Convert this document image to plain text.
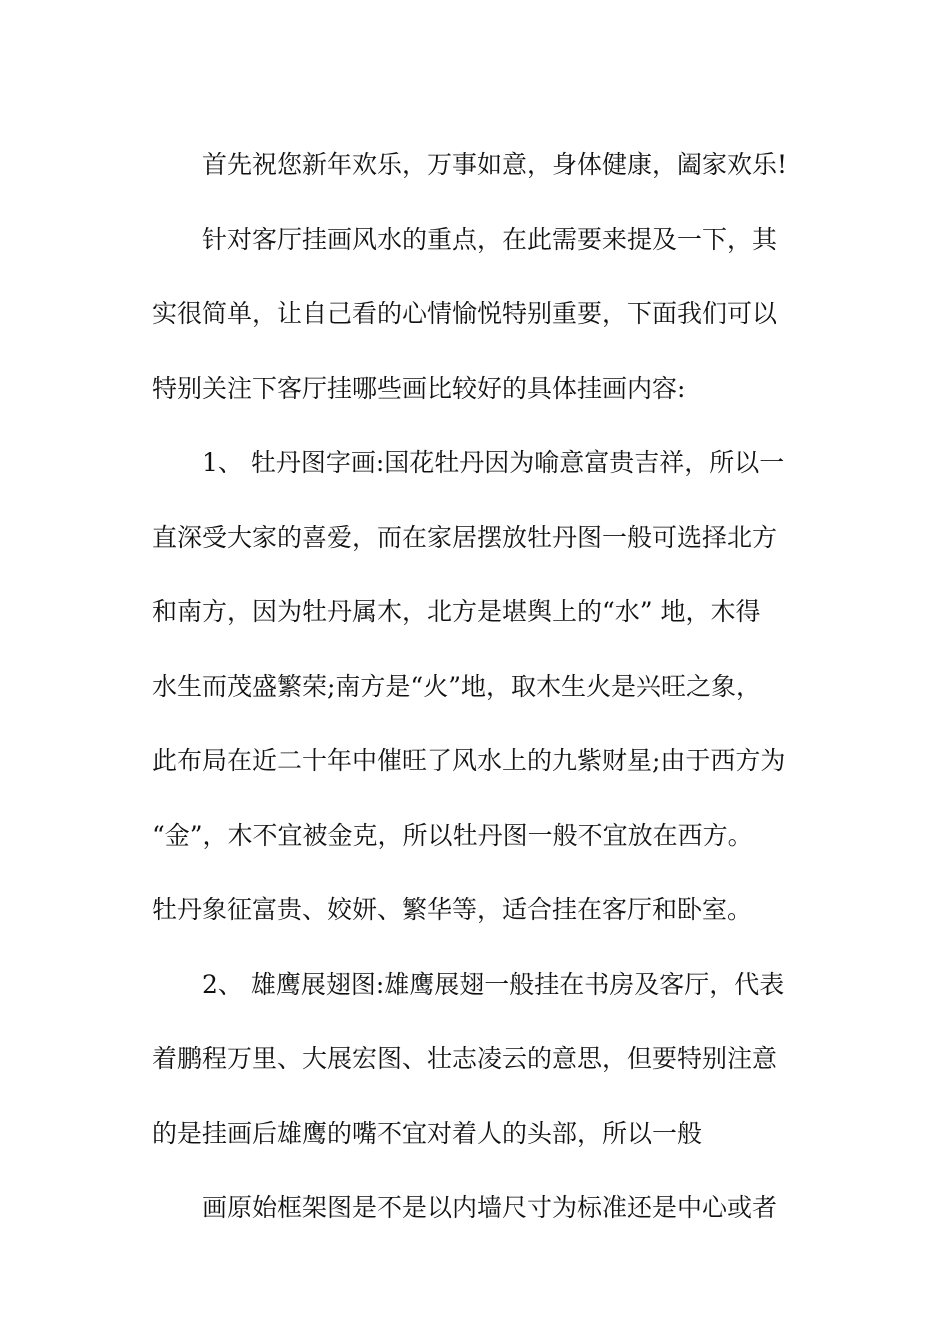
首先祝您新年欢乐，万事如意，身体健康，阖家欢乐!
针对客厅挂画风水的重点，在此需要来提及一下，其
实很简单，让自己看的心情愉悦特别重要，下面我们可以
特别关注下客厅挂哪些画比较好的具体挂画内容:
1、 牡丹图字画:国花牡丹因为喻意富贵吉祥，所以一
直深受大家的喜爱，而在家居摆放牡丹图一般可选择北方
和南方，因为牡丹属木，北方是堪舆上的“水” 地，木得
水生而茂盛繁荣;南方是“火”地，取木生火是兴旺之象，
此布局在近二十年中催旺了风水上的九紫财星;由于西方为
“金”，木不宜被金克，所以牡丹图一般不宜放在西方。
牡丹象征富贵、姣妍、繁华等，适合挂在客厅和卧室。
2、 雄鹰展翅图:雄鹰展翅一般挂在书房及客厅，代表
着鹏程万里、大展宏图、壮志凌云的意思，但要特别注意
的是挂画后雄鹰的嘴不宜对着人的头部，所以一般
画原始框架图是不是以内墙尺寸为标准还是中心或者
